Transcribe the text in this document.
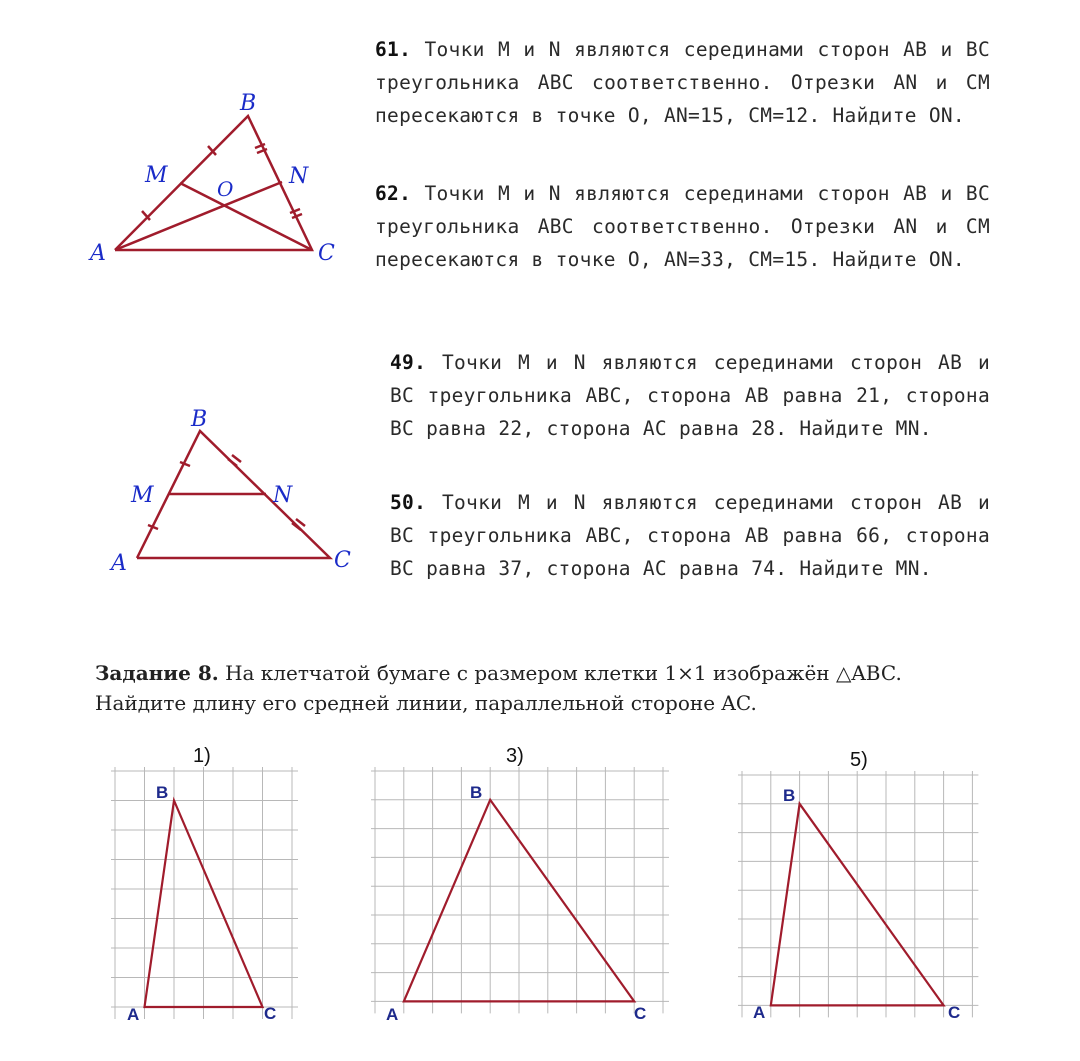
61. Точки M и N являются серединами сторон AB и BC треугольника ABC соответственно. Отрезки AN и CM пересекаются в точке O, AN=15, CM=12. Найдите ON.
62. Точки M и N являются серединами сторон AB и BC треугольника ABC соответственно. Отрезки AN и CM пересекаются в точке O, AN=33, CM=15. Найдите ON.
49. Точки M и N являются серединами сторон AB и BC треугольника ABC, сторона AB равна 21, сторона BC равна 22, сторона AC равна 28. Найдите MN.
50. Точки M и N являются серединами сторон AB и BC треугольника ABC, сторона AB равна 66, сторона BC равна 37, сторона AC равна 74. Найдите MN.
A
B
C
M	N
O
A
B
C
M	N
Задание 8. На клетчатой бумаге с размером клетки 1×1 изображён △ABC.
Найдите длину его средней линии, параллельной стороне AC.
1)	3)	5)
A
B
C	A
B
C	A
B
C
